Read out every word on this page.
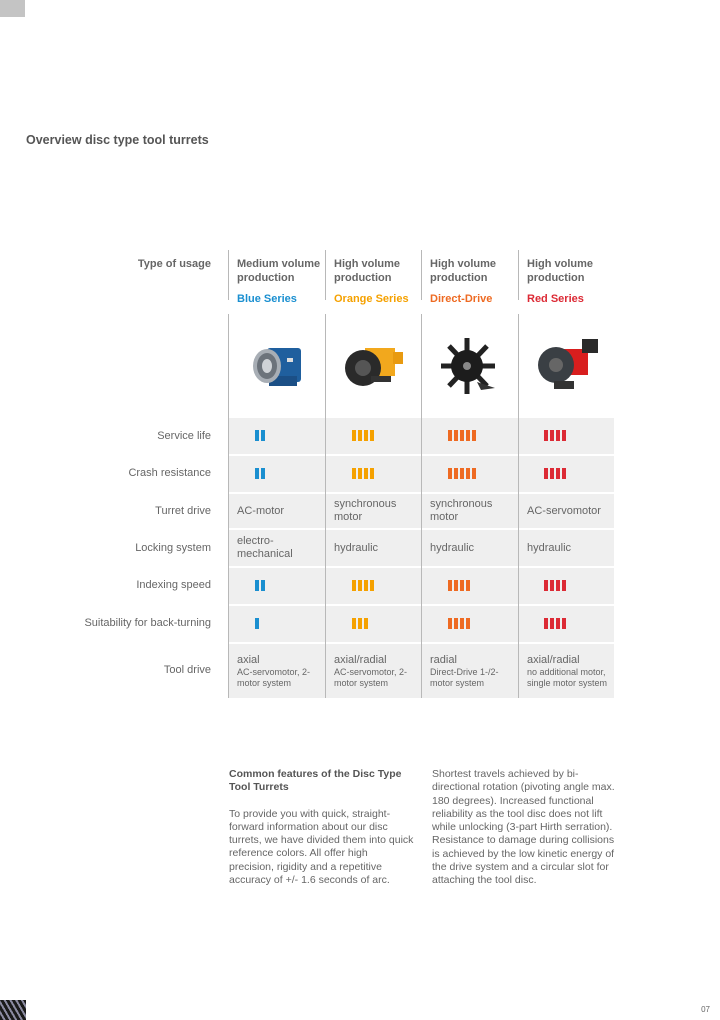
Overview disc type tool turrets
Type of usage Medium volume production
Blue Series
High volume production
Orange Series
High volume production
Direct-Drive
High volume production
Red Series
Service life
Crash resistance
Turret drive
Locking system
Indexing speed
Suitability for back-turning
Tool drive
AC-motor
synchronous motor
synchronous motor
AC-servomotor
electro-mechanical
hydraulic	hydraulic	hydraulic
axial
AC-servomotor, 2-motor system
axial/radial
AC-servomotor, 2-motor system
radial
Direct-Drive 1-/2-motor system
axial/radial
no additional motor, single motor system
Common features of the Disc Type Tool Turrets

To provide you with quick, straight-forward information about our disc turrets, we have divided them into quick reference colors. All offer high precision, rigidity and a repetitive accuracy of +/- 1.6 seconds of arc.

Shortest travels achieved by bi-directional rotation (pivoting angle max. 180 degrees). Increased functional reliability as the tool disc does not lift while unlocking (3-part Hirth serration). Resistance to damage during collisions is achieved by the low kinetic energy of the drive system and a circular slot for attaching the tool disc.

07
